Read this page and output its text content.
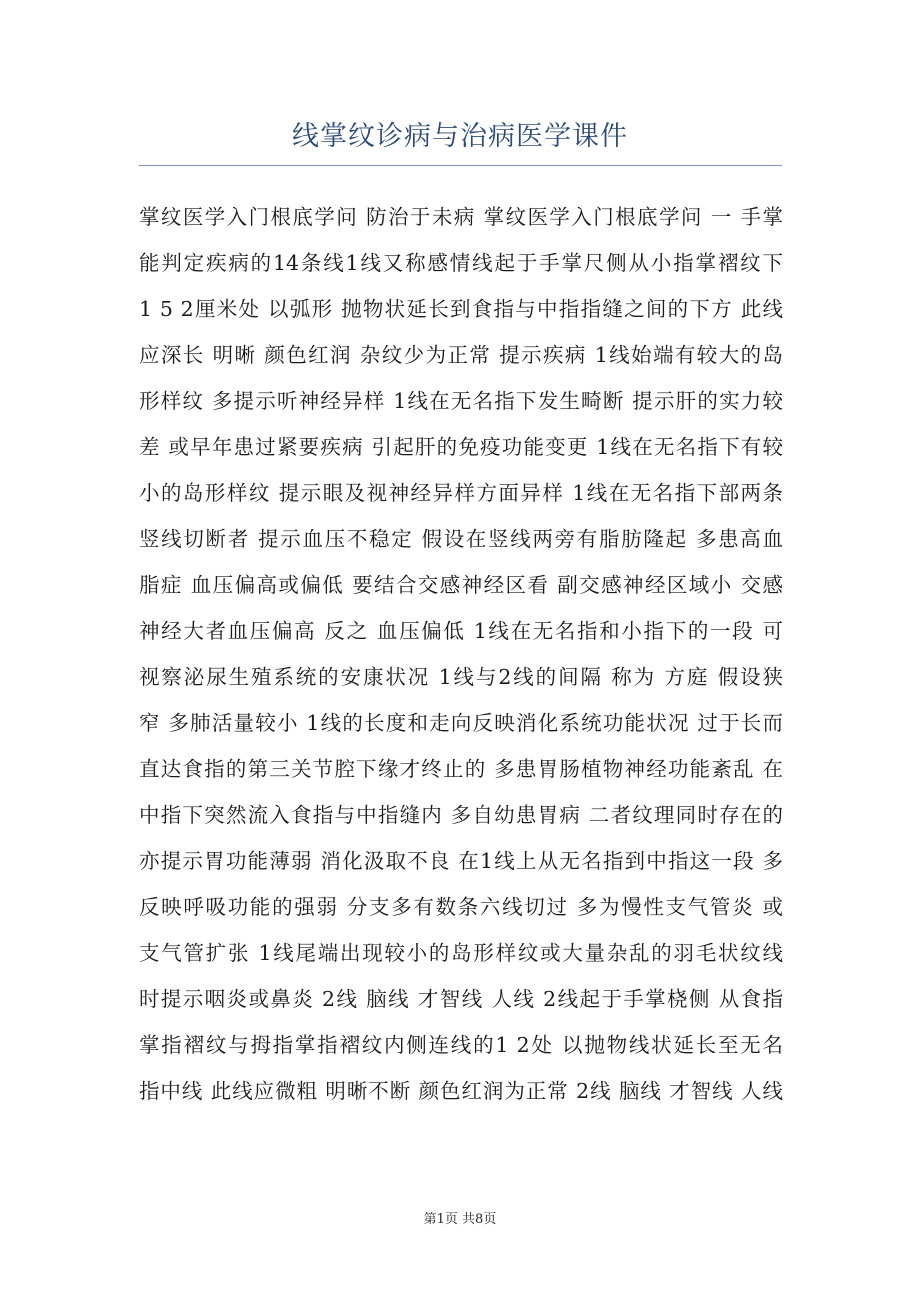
线掌纹诊病与治病医学课件
掌纹医学入门根底学问 防治于未病 掌纹医学入门根底学问 一 手掌
能判定疾病的14条线1线又称感情线起于手掌尺侧从小指掌褶纹下
1 5 2厘米处 以弧形 抛物状延长到食指与中指指缝之间的下方 此线
应深长 明晰 颜色红润 杂纹少为正常 提示疾病 1线始端有较大的岛
形样纹 多提示听神经异样 1线在无名指下发生畸断 提示肝的实力较
差 或早年患过紧要疾病 引起肝的免疫功能变更 1线在无名指下有较
小的岛形样纹 提示眼及视神经异样方面异样 1线在无名指下部两条
竖线切断者 提示血压不稳定 假设在竖线两旁有脂肪隆起 多患高血
脂症 血压偏高或偏低 要结合交感神经区看 副交感神经区域小 交感
神经大者血压偏高 反之 血压偏低 1线在无名指和小指下的一段 可
视察泌尿生殖系统的安康状况 1线与2线的间隔 称为 方庭 假设狭
窄 多肺活量较小 1线的长度和走向反映消化系统功能状况 过于长而
直达食指的第三关节腔下缘才终止的 多患胃肠植物神经功能紊乱 在
中指下突然流入食指与中指缝内 多自幼患胃病 二者纹理同时存在的
亦提示胃功能薄弱 消化汲取不良 在1线上从无名指到中指这一段 多
反映呼吸功能的强弱 分支多有数条六线切过 多为慢性支气管炎 或
支气管扩张 1线尾端出现较小的岛形样纹或大量杂乱的羽毛状纹线
时提示咽炎或鼻炎 2线 脑线 才智线 人线 2线起于手掌桡侧 从食指
掌指褶纹与拇指掌指褶纹内侧连线的1 2处 以抛物线状延长至无名
指中线 此线应微粗 明晰不断 颜色红润为正常 2线 脑线 才智线 人线
第1页 共8页
